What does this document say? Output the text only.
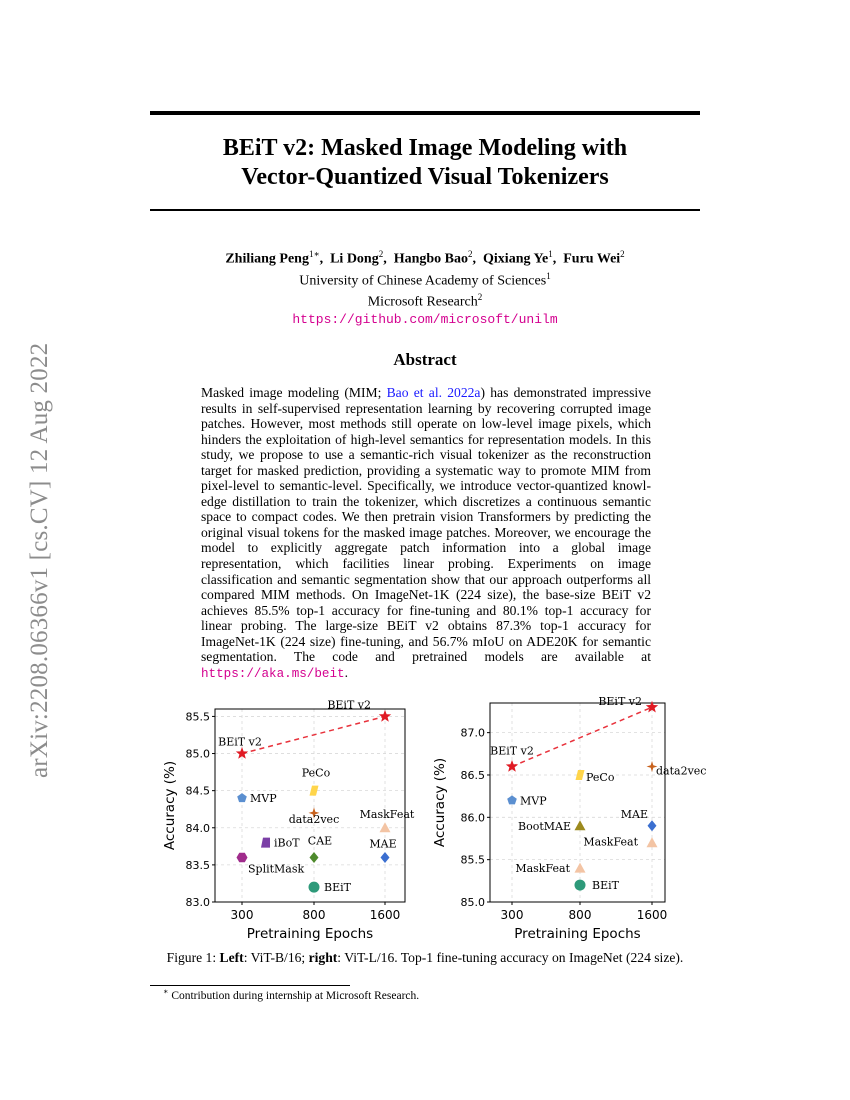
arXiv:2208.06366v1 [cs.CV] 12 Aug 2022
BEiT v2: Masked Image Modeling with
Vector-Quantized Visual Tokenizers
Zhiliang Peng$^{1∗}$,  Li Dong$^2$,  Hangbo Bao$^2$,  Qixiang Ye$^1$,  Furu Wei$^2$
University of Chinese Academy of Sciences$^1$
Microsoft Research$^2$
https://github.com/microsoft/unilm
Abstract
Masked image modeling (MIM; Bao et al. 2022a) has demonstrated impressive results in self-supervised representation learning by recovering corrupted image patches. However, most methods still operate on low-level image pixels, which hinders the exploitation of high-level semantics for representation models. In this study, we propose to use a semantic-rich visual tokenizer as the reconstruction target for masked prediction, providing a systematic way to promote MIM from pixel-level to semantic-level. Specifically, we introduce vector-quantized knowledge distillation to train the tokenizer, which discretizes a continuous semantic space to compact codes. We then pretrain vision Transformers by predicting the original visual tokens for the masked image patches. Moreover, we encourage the model to explicitly aggregate patch information into a global image representation, which facilities linear probing. Experiments on image classification and semantic segmentation show that our approach outperforms all compared MIM methods. On ImageNet-1K (224 size), the base-size BEiT v2 achieves 85.5% top-1 accuracy for fine-tuning and 80.1% top-1 accuracy for linear probing. The large-size BEiT v2 obtains 87.3% top-1 accuracy for ImageNet-1K (224 size) fine-tuning, and 56.7% mIoU on ADE20K for semantic segmentation. The code and pretrained models are available at https://aka.ms/beit.
83.0
83.5
84.0
84.5
85.0
85.5
300	800	1600
Pretraining Epochs
Accuracy (%)
BEiT v2
BEiT v2
MVP
PeCo
data2vec MaskFeat
iBoT CAE	MAE
SplitMask
BEiT
85.0
85.5
86.0
86.5
87.0
300	800	1600
Pretraining Epochs
Accuracy (%)
BEiT v2
BEiT v2
MVP
PeCo	data2vec
MAE
MaskFeat
BootMAE
MaskFeat
BEiT
Figure 1: Left: ViT-B/16; right: ViT-L/16. Top-1 fine-tuning accuracy on ImageNet (224 size).
∗ Contribution during internship at Microsoft Research.
